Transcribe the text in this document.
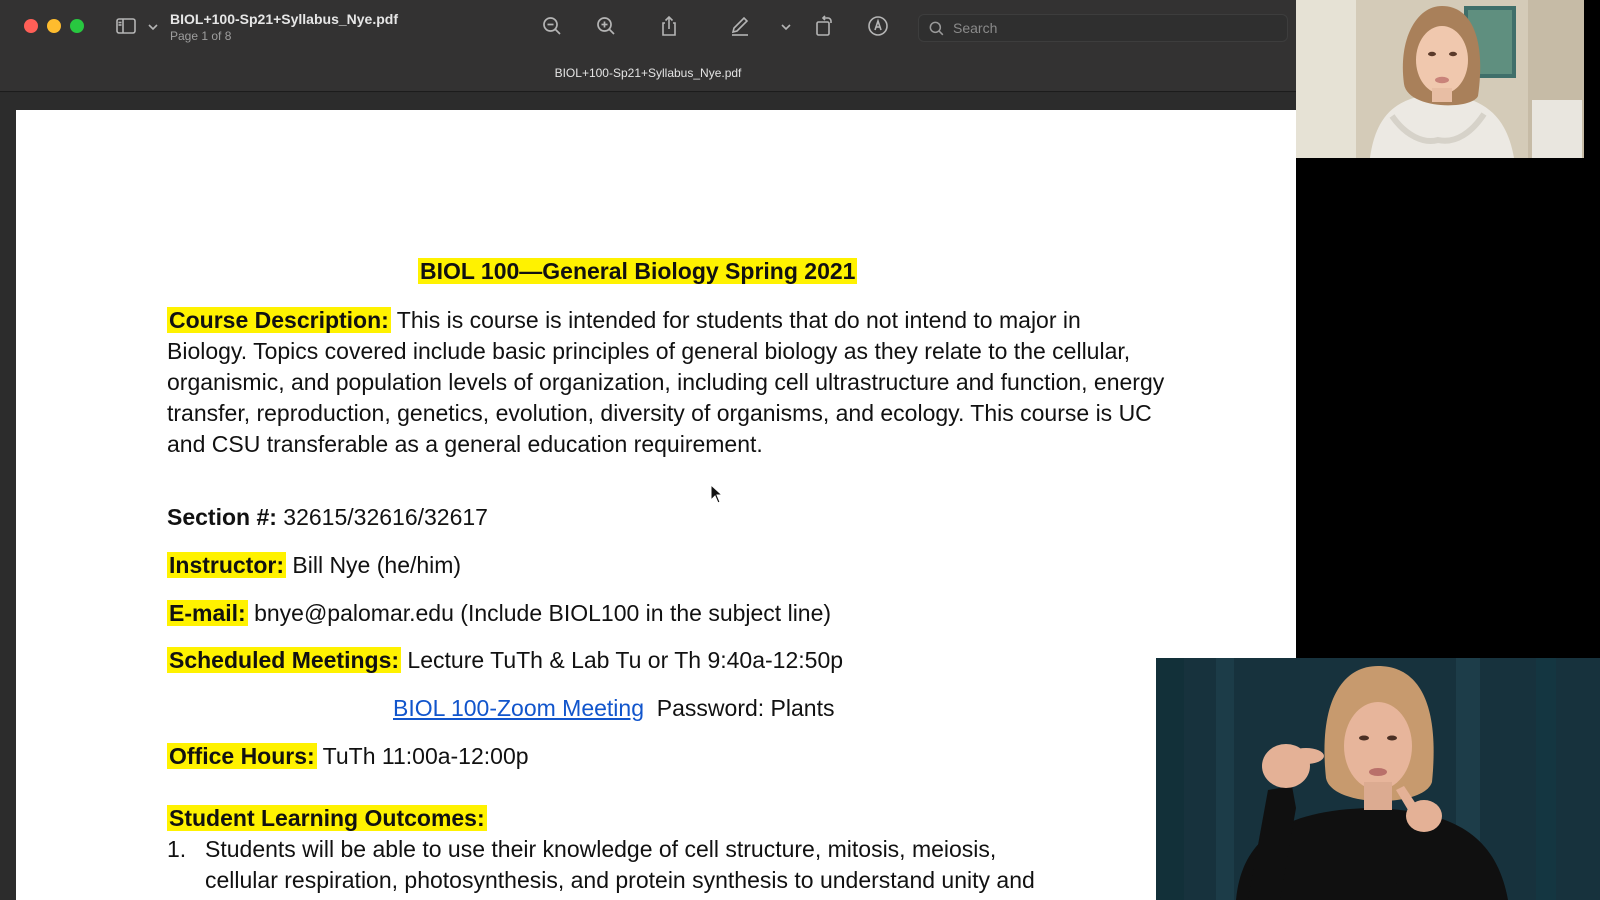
BIOL+100-Sp21+Syllabus_Nye.pdf
Page 1 of 8
Search
BIOL+100-Sp21+Syllabus_Nye.pdf
BIOL 100—General Biology Spring 2021
Course Description: This is course is intended for students that do not intend to major in Biology. Topics covered include basic principles of general biology as they relate to the cellular, organismic, and population levels of organization, including cell ultrastructure and function, energy transfer, reproduction, genetics, evolution, diversity of organisms, and ecology. This course is UC and CSU transferable as a general education requirement.
Section #: 32615/32616/32617
Instructor: Bill Nye (he/him)
E-mail: bnye@palomar.edu (Include BIOL100 in the subject line)
Scheduled Meetings: Lecture TuTh & Lab Tu or Th 9:40a-12:50p
BIOL 100-Zoom Meeting Password: Plants
Office Hours: TuTh 11:00a-12:00p
Student Learning Outcomes:
1. Students will be able to use their knowledge of cell structure, mitosis, meiosis,
cellular respiration, photosynthesis, and protein synthesis to understand unity and
